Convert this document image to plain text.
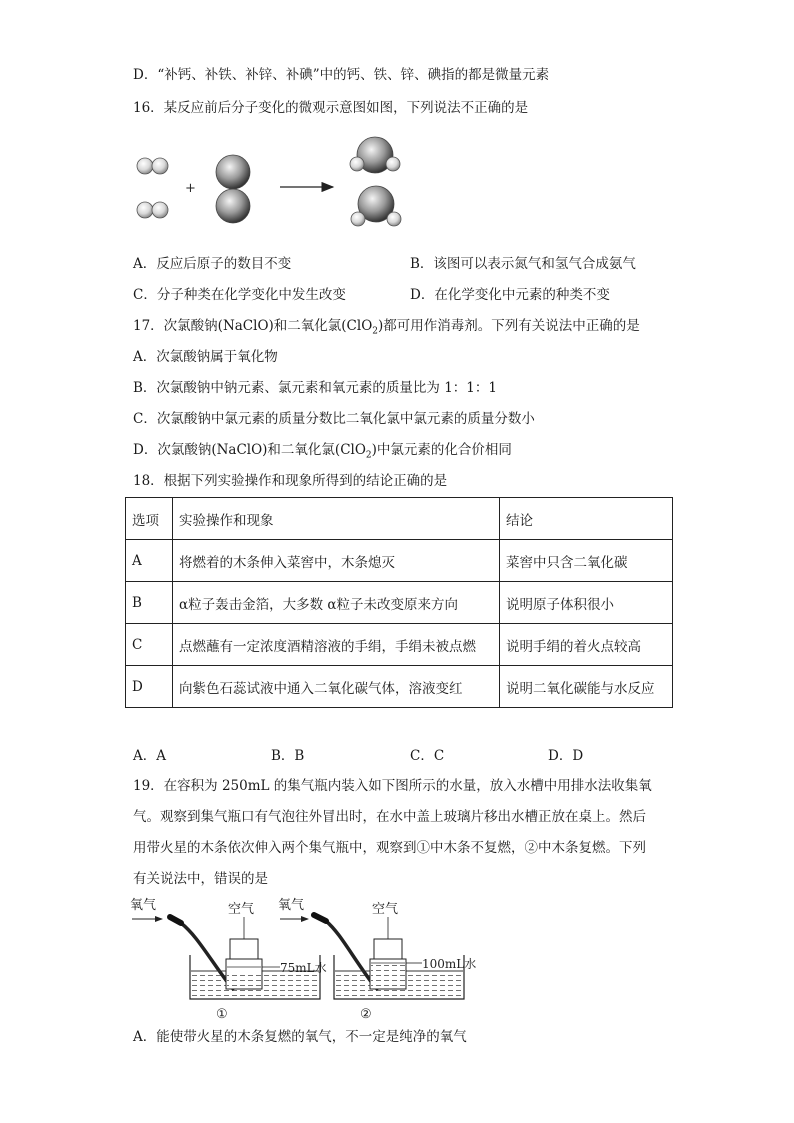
D．“补钙、补铁、补锌、补碘”中的钙、铁、锌、碘指的都是微量元素
16．某反应前后分子变化的微观示意图如图，下列说法不正确的是
+
A．反应后原子的数目不变	B．该图可以表示氮气和氢气合成氨气
C．分子种类在化学变化中发生改变	D．在化学变化中元素的种类不变
17．次氯酸钠(NaClO)和二氧化氯(ClO$_2$)都可用作消毒剂。下列有关说法中正确的是
A．次氯酸钠属于氧化物
B．次氯酸钠中钠元素、氯元素和氧元素的质量比为 1：1：1
C．次氯酸钠中氯元素的质量分数比二氧化氯中氯元素的质量分数小
D．次氯酸钠(NaClO)和二氧化氯(ClO$_2$)中氯元素的化合价相同
18．根据下列实验操作和现象所得到的结论正确的是
选项	实验操作和现象	结论
A	将燃着的木条伸入菜窖中，木条熄灭	菜窖中只含二氧化碳
B	α粒子轰击金箔，大多数 α粒子未改变原来方向	说明原子体积很小
C	点燃蘸有一定浓度酒精溶液的手绢，手绢未被点燃	说明手绢的着火点较高
D	向紫色石蕊试液中通入二氧化碳气体，溶液变红	说明二氧化碳能与水反应
A．A	B．B	C．C	D．D
19．在容积为 250mL 的集气瓶内装入如下图所示的水量，放入水槽中用排水法收集氧
气。观察到集气瓶口有气泡往外冒出时，在水中盖上玻璃片移出水槽正放在桌上。然后
用带火星的木条依次伸入两个集气瓶中，观察到①中木条不复燃，②中木条复燃。下列
有关说法中，错误的是
氧气	空气
75mL水
①
氧气	空气
100mL水
②
A．能使带火星的木条复燃的氧气，不一定是纯净的氧气
